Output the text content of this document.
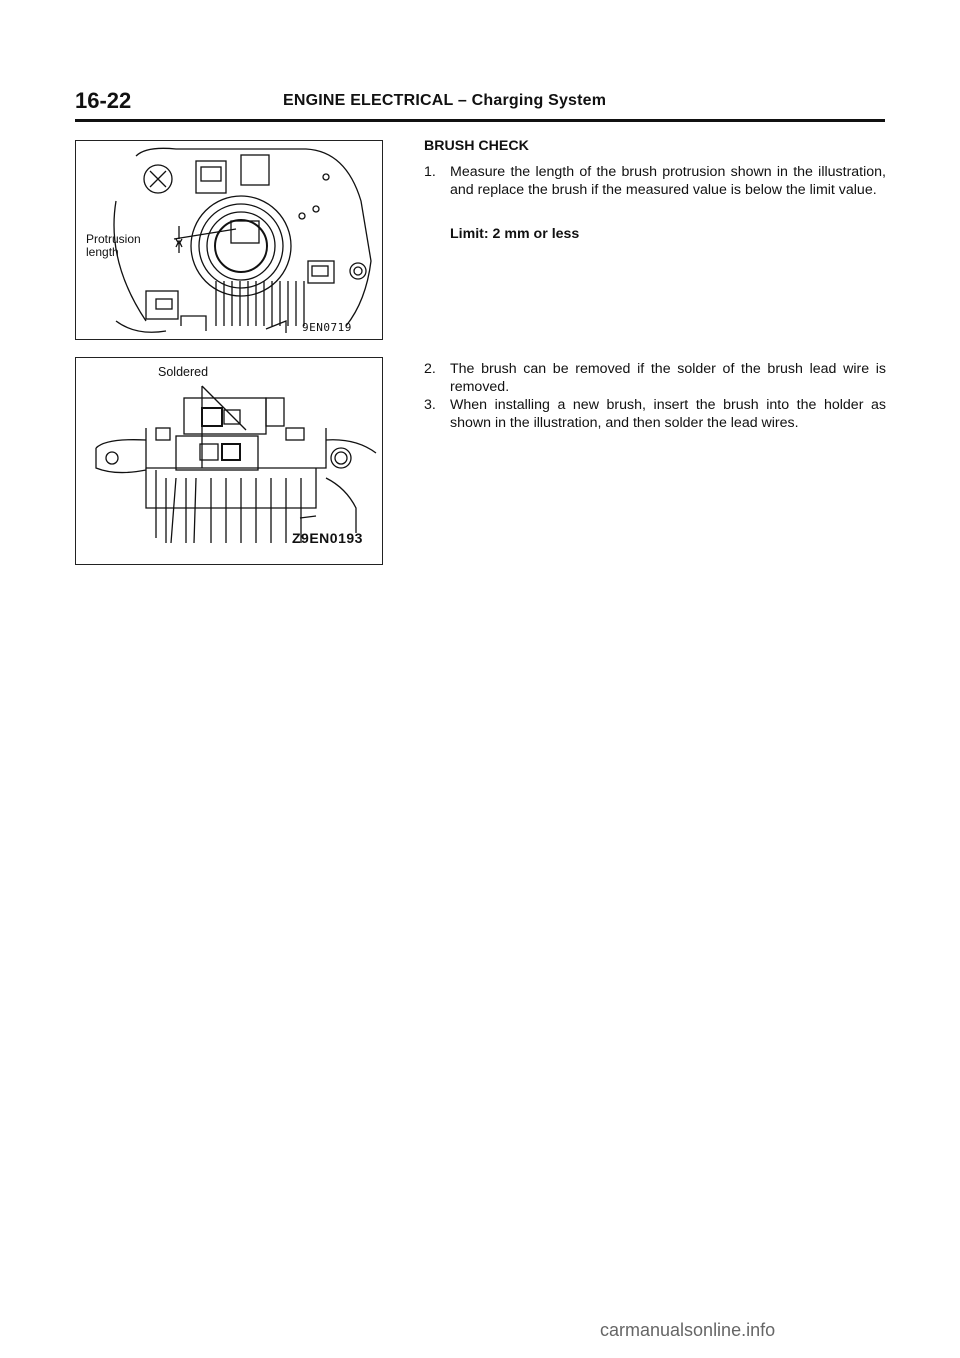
16-22	ENGINE ELECTRICAL – Charging System
Protrusion
length
9EN0719
Soldered
Z9EN0193
BRUSH CHECK
1. Measure the length of the brush protrusion shown in the illustration, and replace the brush if the measured value is below the limit value.
Limit: 2 mm or less
2. The brush can be removed if the solder of the brush lead wire is removed.
3. When installing a new brush, insert the brush into the holder as shown in the illustration, and then solder the lead wires.
carmanualsonline.info
